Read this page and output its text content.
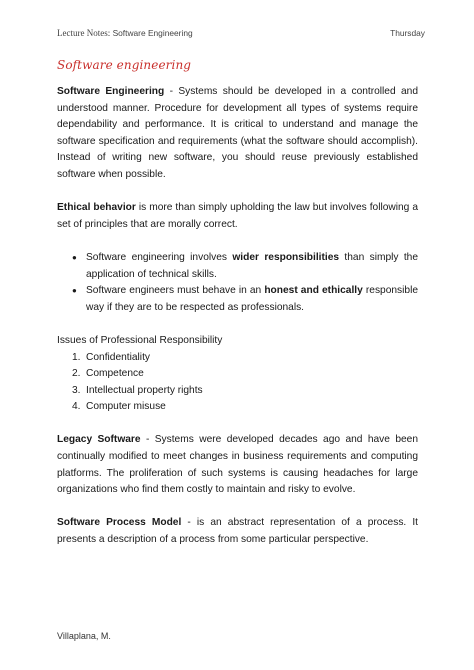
Lecture Notes: Software Engineering	Thursday
Software engineering

Software Engineering - Systems should be developed in a controlled and understood manner. Procedure for development all types of systems require dependability and performance. It is critical to understand and manage the software specification and requirements (what the software should accomplish). Instead of writing new software, you should reuse previously established software when possible.

Ethical behavior is more than simply upholding the law but involves following a set of principles that are morally correct.

● Software engineering involves wider responsibilities than simply the application of technical skills.
● Software engineers must behave in an honest and ethically responsible way if they are to be respected as professionals.

Issues of Professional Responsibility

1. Confidentiality
2. Competence
3. Intellectual property rights
4. Computer misuse

Legacy Software - Systems were developed decades ago and have been continually modified to meet changes in business requirements and computing platforms. The proliferation of such systems is causing headaches for large organizations who find them costly to maintain and risky to evolve.

Software Process Model - is an abstract representation of a process. It presents a description of a process from some particular perspective.

Villaplana, M.
